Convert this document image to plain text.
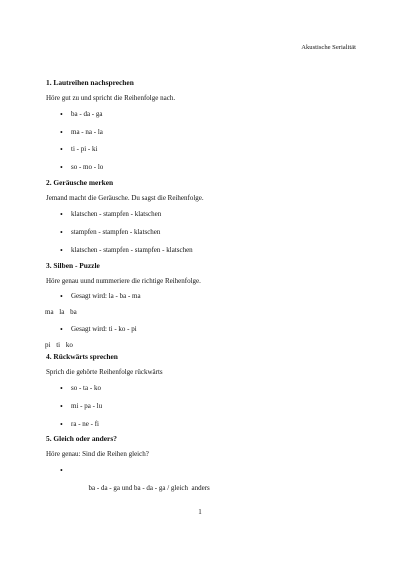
Akustische Serialität

1. Lautreihen nachsprechen

Höre gut zu und spricht die Reihenfolge nach.

• ba - da - ga
• ma - na - la
• ti - pi - ki
• so - mo - lo

2. Geräusche merken

Jemand macht die Geräusche. Du sagst die Reihenfolge.

• klatschen - stampfen - klatschen
• stampfen - stampfen - klatschen
• klatschen - stampfen - stampfen - klatschen

3. Silben - Puzzle

Höre genau uund nummeriere die richtige Reihenfolge.

• Gesagt wird: la - ba - ma
ma la ba
• Gesagt wird: ti - ko - pi
pi ti ko

4. Rückwärts sprechen

Sprich die gehörte Reihenfolge rückwärts

• so - ta - ko
• mi - pa - lu
• ra - ne - fi

5. Gleich oder anders?

Höre genau: Sind die Reihen gleich?

•

ba - da - ga und ba - da - ga / gleich  anders

1
